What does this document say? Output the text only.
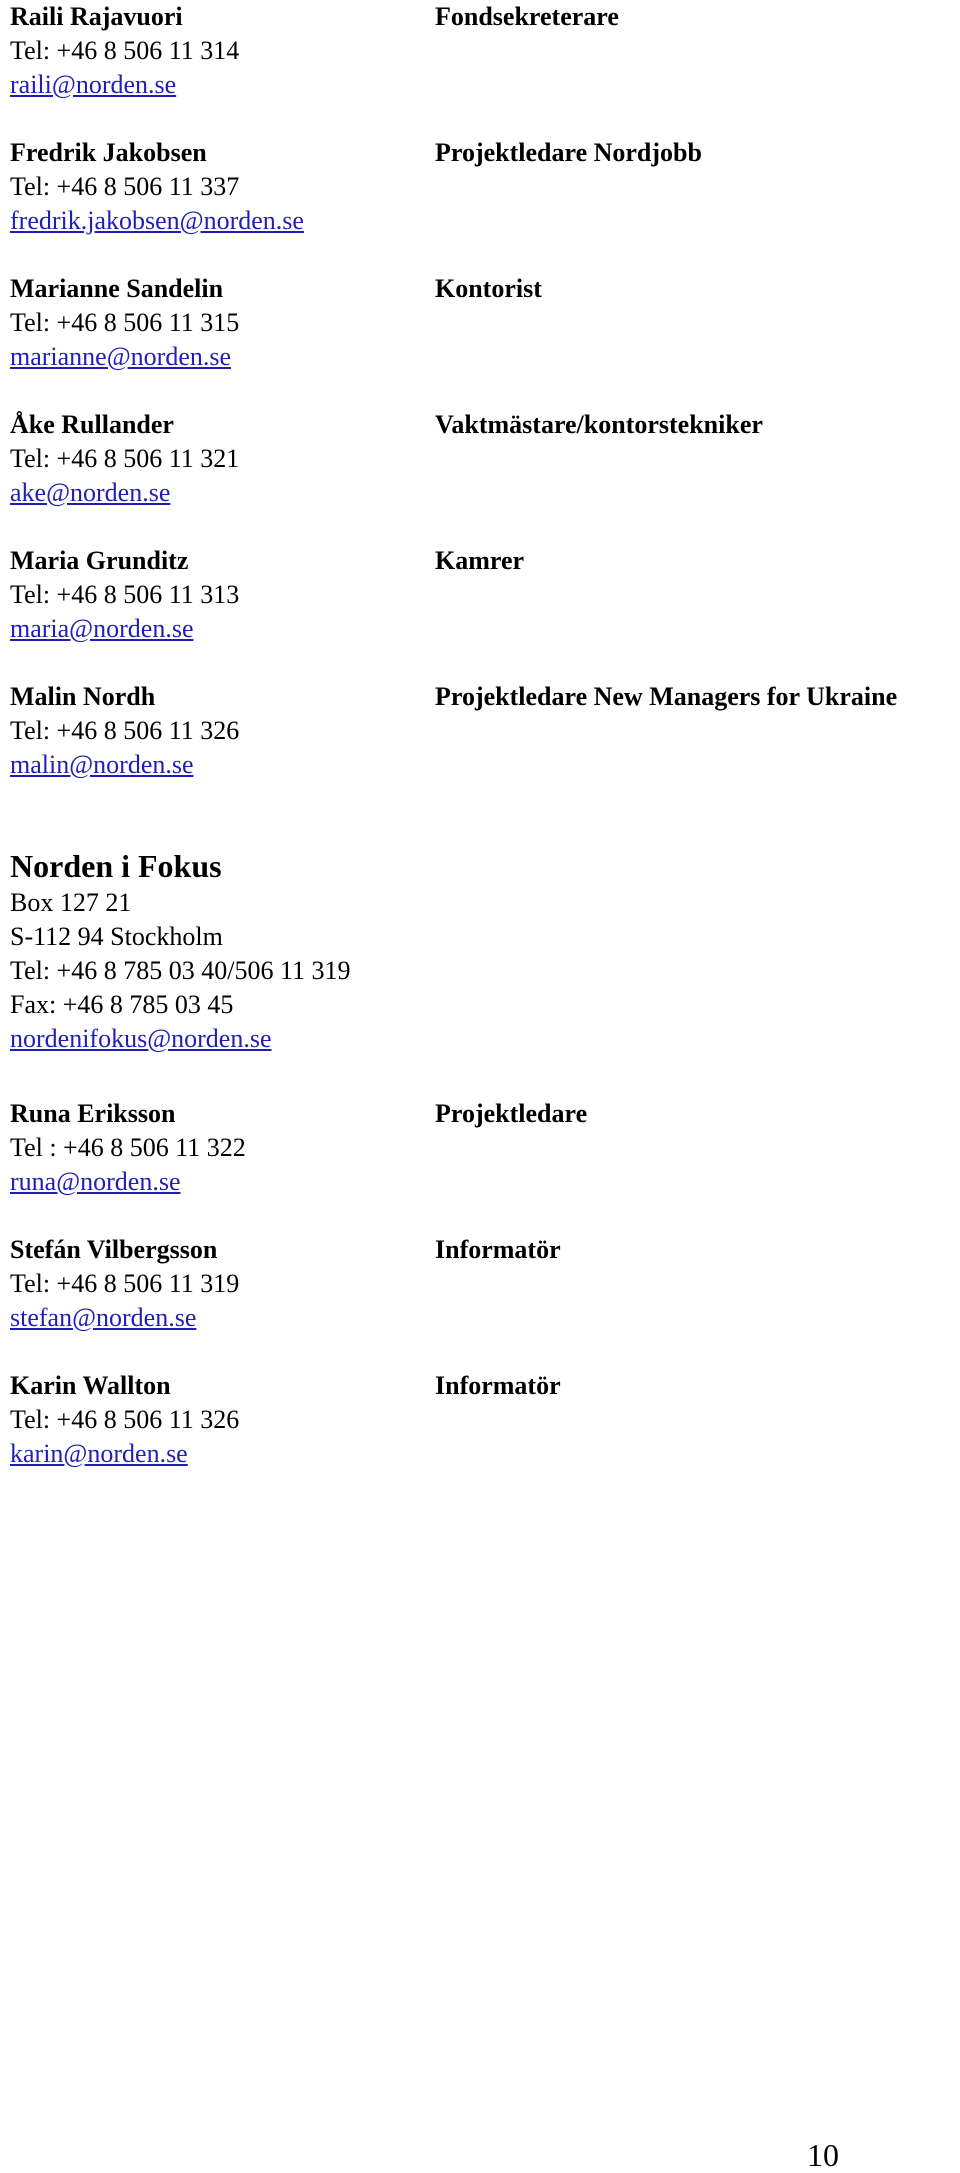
Raili Rajavuori
Tel: +46 8 506 11 314
raili@norden.se
Fondsekreterare
Fredrik Jakobsen
Tel: +46 8 506 11 337
fredrik.jakobsen@norden.se
Projektledare Nordjobb
Marianne Sandelin
Tel: +46 8 506 11 315
marianne@norden.se
Kontorist
Åke Rullander
Tel: +46 8 506 11 321
ake@norden.se
Vaktmästare/kontorstekniker
Maria Grunditz
Tel: +46 8 506 11 313
maria@norden.se
Kamrer
Malin Nordh
Tel: +46 8 506 11 326
malin@norden.se
Projektledare New Managers for Ukraine
Norden i Fokus
Box 127 21
S-112 94 Stockholm
Tel: +46 8 785 03 40/506 11 319
Fax: +46 8 785 03 45
nordenifokus@norden.se
Runa Eriksson
Tel : +46 8 506 11 322
runa@norden.se
Projektledare
Stefán Vilbergsson
Tel: +46 8 506 11 319
stefan@norden.se
Informatör
Karin Wallton
Tel: +46 8 506 11 326
karin@norden.se
Informatör
10
